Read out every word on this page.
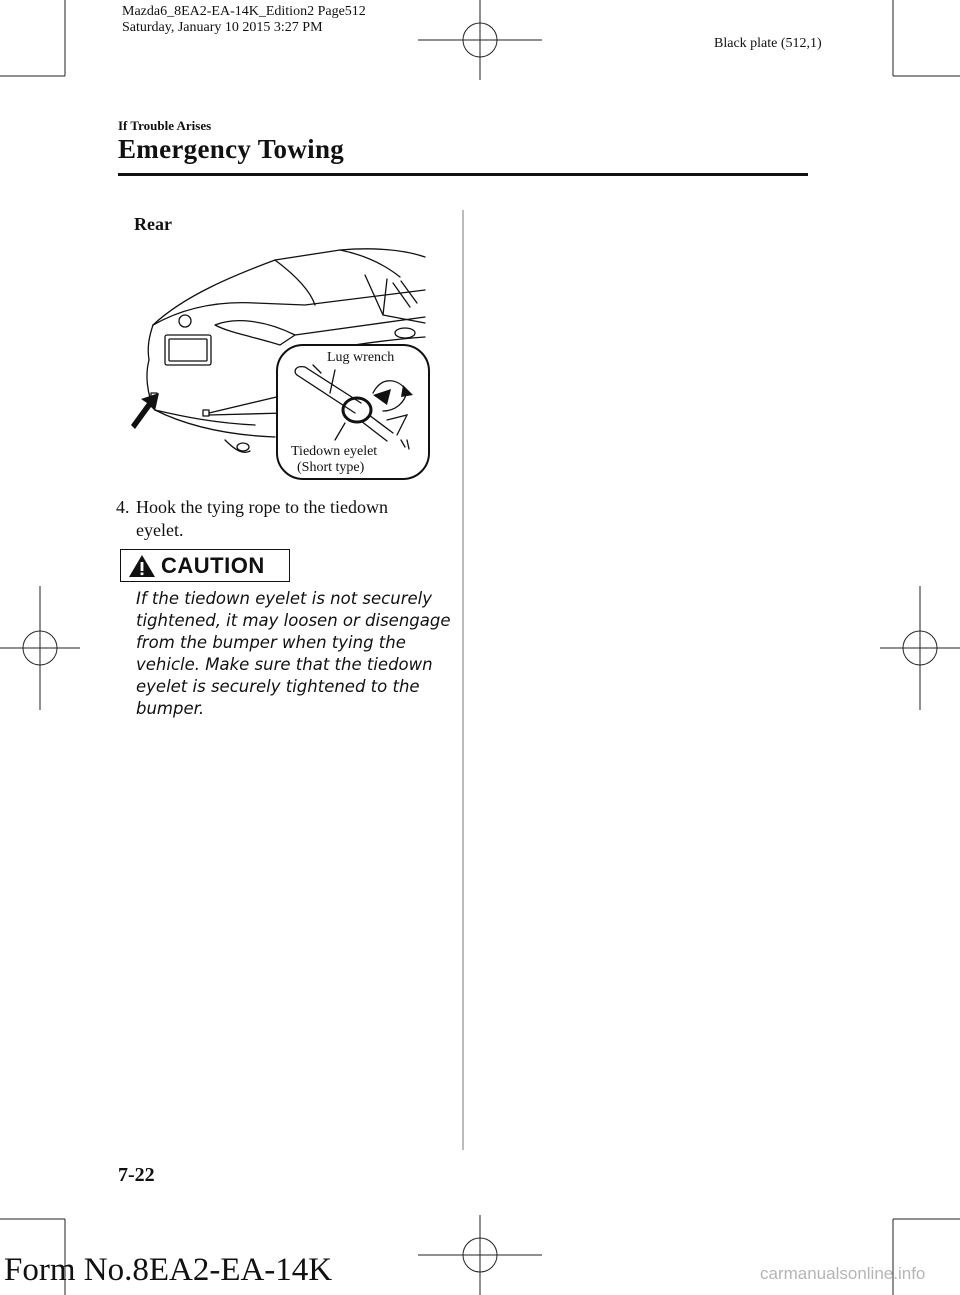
Mazda6_8EA2-EA-14K_Edition2 Page512
Saturday, January 10 2015 3:27 PM
Black plate (512,1)
If Trouble Arises
Emergency Towing
Rear
Lug wrench
Tiedown eyelet
(Short type)
4. Hook the tying rope to the tiedown
eyelet.
CAUTION
If the tiedown eyelet is not securely
tightened, it may loosen or disengage
from the bumper when tying the
vehicle. Make sure that the tiedown
eyelet is securely tightened to the
bumper.
7-22
Form No.8EA2-EA-14K	carmanualsonline.info
